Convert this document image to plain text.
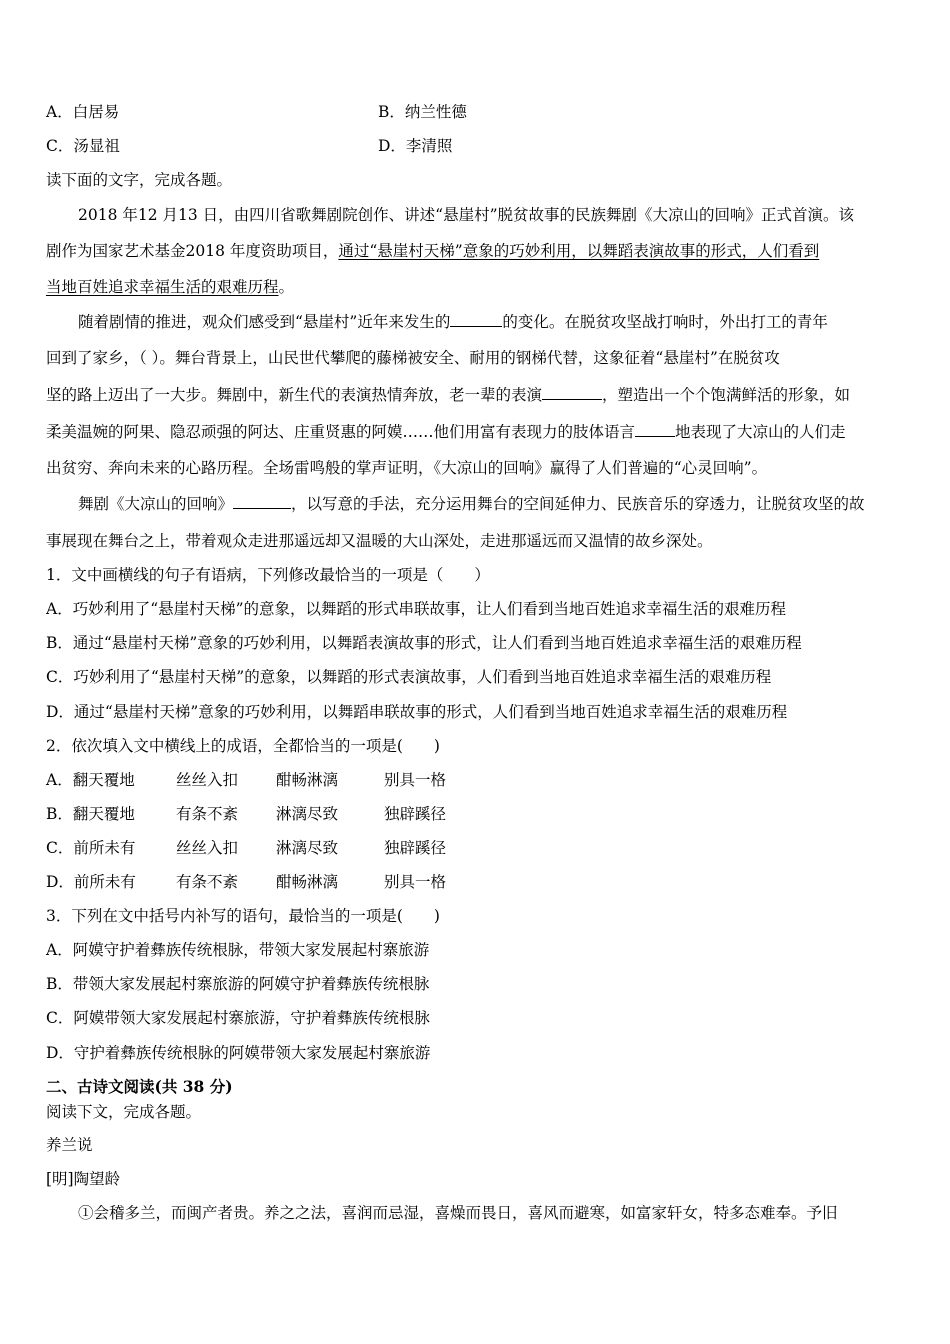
A．白居易	B．纳兰性德
C．汤显祖	D．李清照
读下面的文字，完成各题。
2018 年12 月13 日，由四川省歌舞剧院创作、讲述“悬崖村”脱贫故事的民族舞剧《大凉山的回响》正式首演。该
剧作为国家艺术基金2018 年度资助项目，通过“悬崖村天梯”意象的巧妙利用，以舞蹈表演故事的形式，人们看到
当地百姓追求幸福生活的艰难历程。
随着剧情的推进，观众们感受到“悬崖村”近年来发生的	的变化。在脱贫攻坚战打响时，外出打工的青年
回到了家乡，（ ）。舞台背景上，山民世代攀爬的藤梯被安全、耐用的钢梯代替，这象征着“悬崖村”在脱贫攻
坚的路上迈出了一大步。舞剧中，新生代的表演热情奔放，老一辈的表演	，塑造出一个个饱满鲜活的形象，如
柔美温婉的阿果、隐忍顽强的阿达、庄重贤惠的阿嫫……他们用富有表现力的肢体语言	地表现了大凉山的人们走
出贫穷、奔向未来的心路历程。全场雷鸣般的掌声证明，《大凉山的回响》赢得了人们普遍的“心灵回响”。
舞剧《大凉山的回响》	，以写意的手法，充分运用舞台的空间延伸力、民族音乐的穿透力，让脱贫攻坚的故
事展现在舞台之上，带着观众走进那遥远却又温暖的大山深处，走进那遥远而又温情的故乡深处。
1．文中画横线的句子有语病，下列修改最恰当的一项是（　　）
A．巧妙利用了“悬崖村天梯”的意象，以舞蹈的形式串联故事，让人们看到当地百姓追求幸福生活的艰难历程
B．通过“悬崖村天梯”意象的巧妙利用，以舞蹈表演故事的形式，让人们看到当地百姓追求幸福生活的艰难历程
C．巧妙利用了“悬崖村天梯”的意象，以舞蹈的形式表演故事，人们看到当地百姓追求幸福生活的艰难历程
D．通过“悬崖村天梯”意象的巧妙利用，以舞蹈串联故事的形式，人们看到当地百姓追求幸福生活的艰难历程
2．依次填入文中横线上的成语，全都恰当的一项是(　　)
A．翻天覆地	丝丝入扣 酣畅淋漓	别具一格
B．翻天覆地	有条不紊 淋漓尽致	独辟蹊径
C．前所未有	丝丝入扣 淋漓尽致	独辟蹊径
D．前所未有	有条不紊 酣畅淋漓	别具一格
3．下列在文中括号内补写的语句，最恰当的一项是(　　)
A．阿嫫守护着彝族传统根脉，带领大家发展起村寨旅游
B．带领大家发展起村寨旅游的阿嫫守护着彝族传统根脉
C．阿嫫带领大家发展起村寨旅游，守护着彝族传统根脉
D．守护着彝族传统根脉的阿嫫带领大家发展起村寨旅游
二、古诗文阅读(共 38 分)
阅读下文，完成各题。
养兰说
[明]陶望龄
①会稽多兰，而闽产者贵。养之之法，喜润而忌湿，喜燥而畏日，喜风而避寒，如富家轩女，特多态难奉。予旧
